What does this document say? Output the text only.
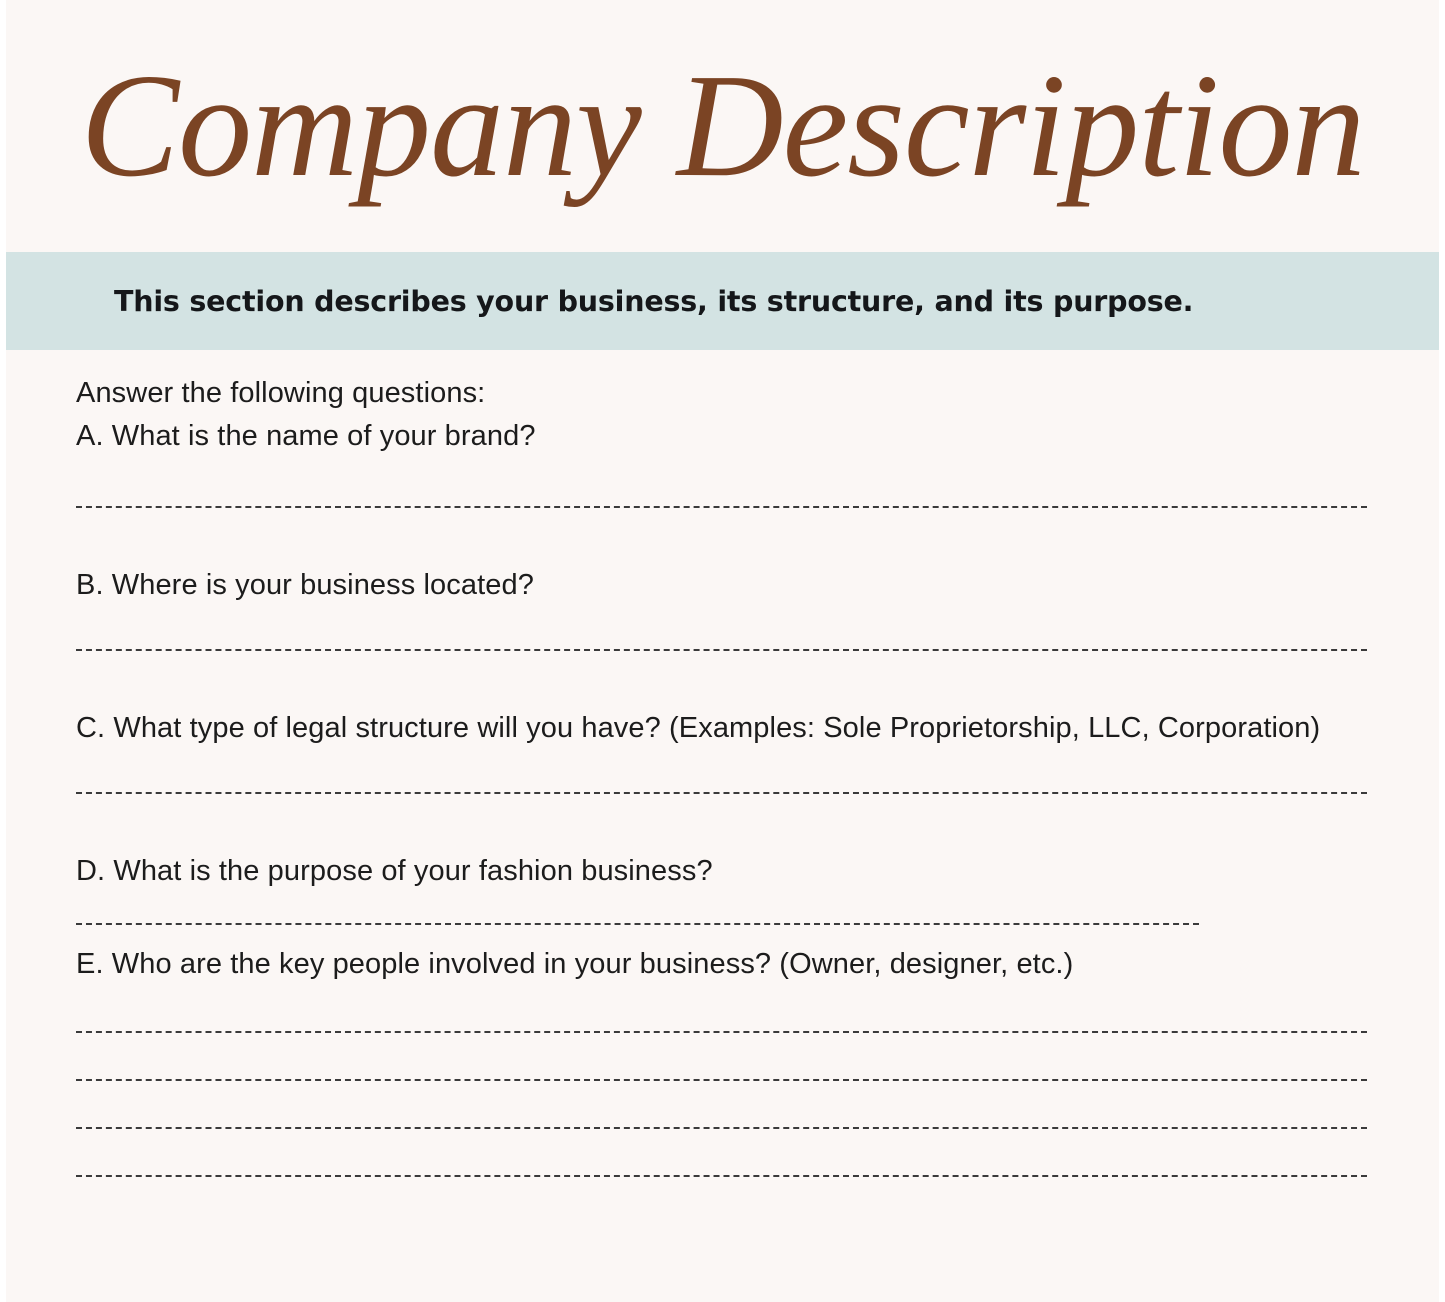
Company Description
This section describes your business, its structure, and its purpose.
Answer the following questions:
A. What is the name of your brand?
B. Where is your business located?
C. What type of legal structure will you have? (Examples: Sole Proprietorship, LLC, Corporation)
D. What is the purpose of your fashion business?
E. Who are the key people involved in your business? (Owner, designer, etc.)
